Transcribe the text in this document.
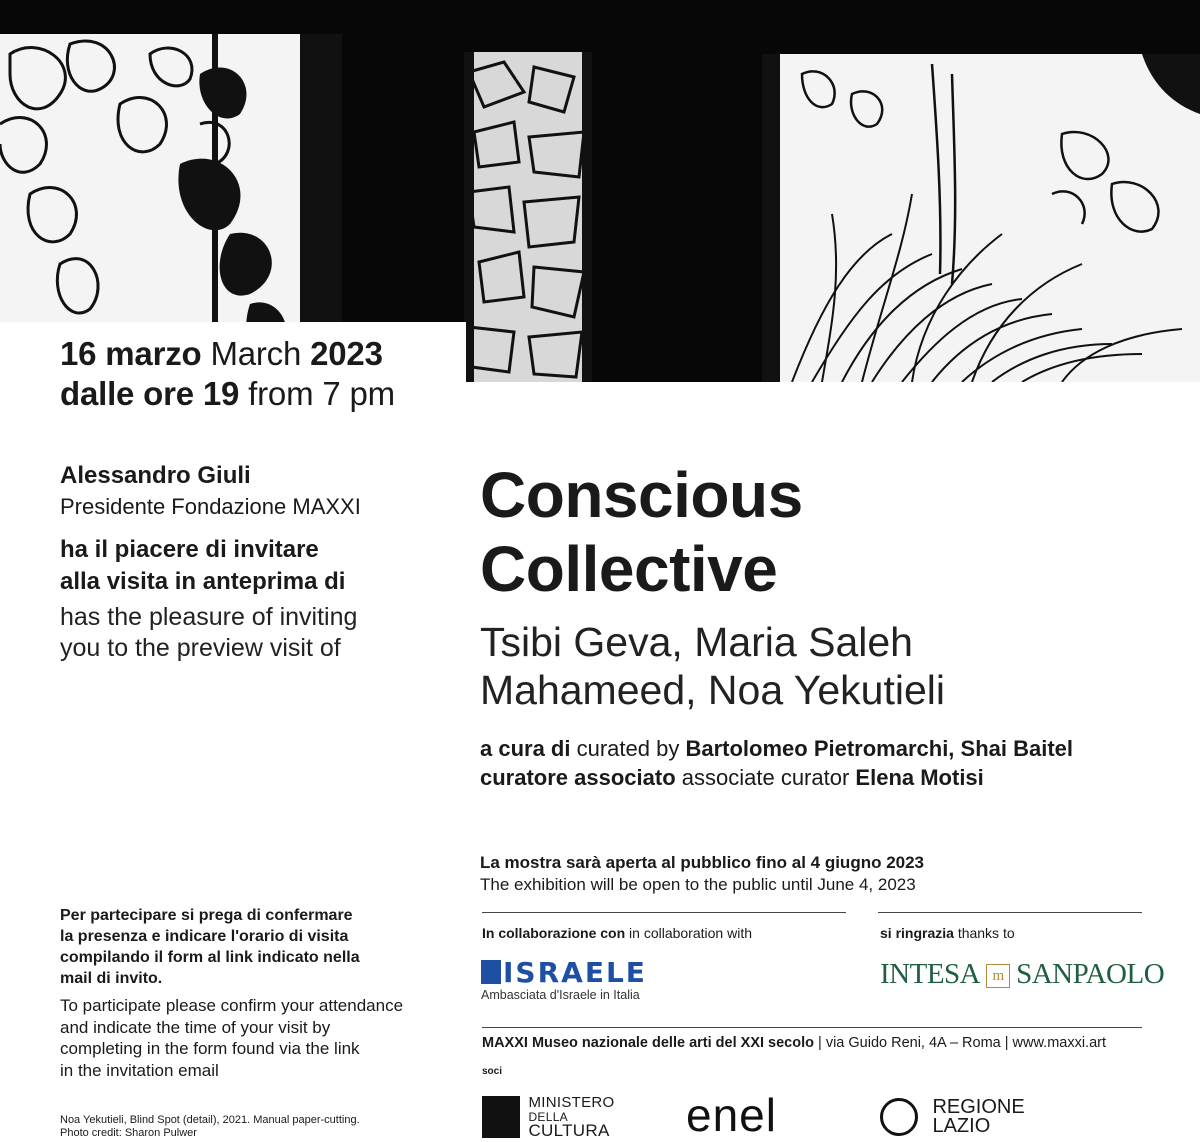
16 marzo March 2023
dalle ore 19 from 7 pm
Alessandro Giuli
Presidente Fondazione MAXXI
ha il piacere di invitare
alla visita in anteprima di
has the pleasure of inviting
you to the preview visit of
Conscious
Collective
Tsibi Geva, Maria Saleh
Mahameed, Noa Yekutieli
a cura di curated by Bartolomeo Pietromarchi, Shai Baitel
curatore associato associate curator Elena Motisi
La mostra sarà aperta al pubblico fino al 4 giugno 2023
The exhibition will be open to the public until June 4, 2023
In collaborazione con in collaboration with	si ringrazia thanks to
ISRAELE
Ambasciata d'Israele in Italia
INTESA m SANPAOLO
MAXXI Museo nazionale delle arti del XXI secolo | via Guido Reni, 4A – Roma | www.maxxi.art
soci

MINISTERO
DELLA
CULTURA enel
	REGIONE
LAZIO
Per partecipare si prega di confermare
la presenza e indicare l'orario di visita
compilando il form al link indicato nella
mail di invito.
To participate please confirm your attendance
and indicate the time of your visit by
completing in the form found via the link
in the invitation email
Noa Yekutieli, Blind Spot (detail), 2021. Manual paper-cutting.
Photo credit: Sharon Pulwer
